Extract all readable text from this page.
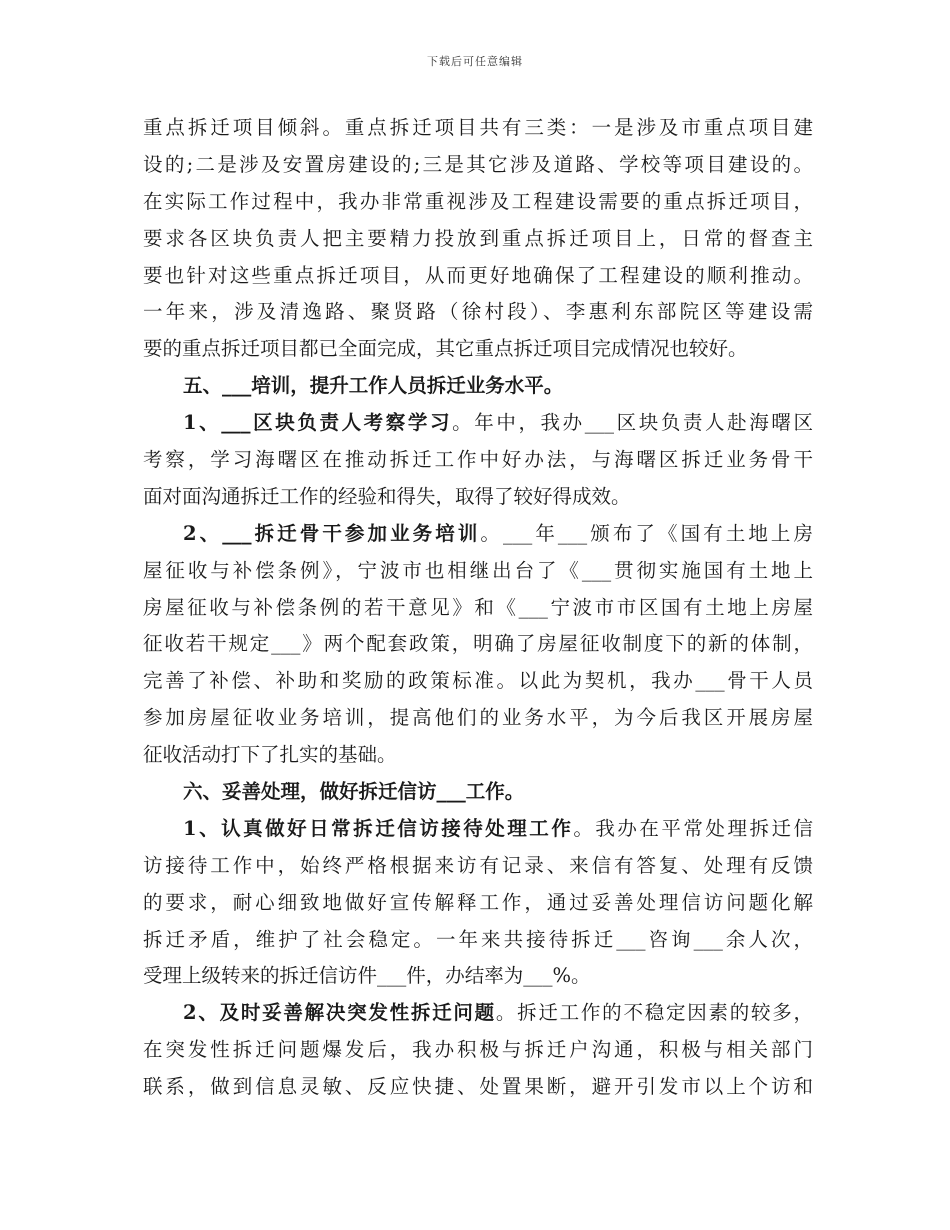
下载后可任意编辑
重点拆迁项目倾斜。重点拆迁项目共有三类：一是涉及市重点项目建
设的;二是涉及安置房建设的;三是其它涉及道路、学校等项目建设的。
在实际工作过程中，我办非常重视涉及工程建设需要的重点拆迁项目，
要求各区块负责人把主要精力投放到重点拆迁项目上，日常的督查主
要也针对这些重点拆迁项目，从而更好地确保了工程建设的顺利推动。
一年来，涉及清逸路、聚贤路（徐村段）、李惠利东部院区等建设需
要的重点拆迁项目都已全面完成，其它重点拆迁项目完成情况也较好。
五、___培训，提升工作人员拆迁业务水平。
1、___区块负责人考察学习。年中，我办___区块负责人赴海曙区
考察，学习海曙区在推动拆迁工作中好办法，与海曙区拆迁业务骨干
面对面沟通拆迁工作的经验和得失，取得了较好得成效。
2、___拆迁骨干参加业务培训。___年___颁布了《国有土地上房
屋征收与补偿条例》，宁波市也相继出台了《___贯彻实施国有土地上
房屋征收与补偿条例的若干意见》和《___宁波市市区国有土地上房屋
征收若干规定___》两个配套政策，明确了房屋征收制度下的新的体制，
完善了补偿、补助和奖励的政策标准。以此为契机，我办___骨干人员
参加房屋征收业务培训，提高他们的业务水平，为今后我区开展房屋
征收活动打下了扎实的基础。
六、妥善处理，做好拆迁信访___工作。
1、认真做好日常拆迁信访接待处理工作。我办在平常处理拆迁信
访接待工作中，始终严格根据来访有记录、来信有答复、处理有反馈
的要求，耐心细致地做好宣传解释工作，通过妥善处理信访问题化解
拆迁矛盾，维护了社会稳定。一年来共接待拆迁___咨询___余人次，
受理上级转来的拆迁信访件___件，办结率为___%。
2、及时妥善解决突发性拆迁问题。拆迁工作的不稳定因素的较多，
在突发性拆迁问题爆发后，我办积极与拆迁户沟通，积极与相关部门
联系，做到信息灵敏、反应快捷、处置果断，避开引发市以上个访和
